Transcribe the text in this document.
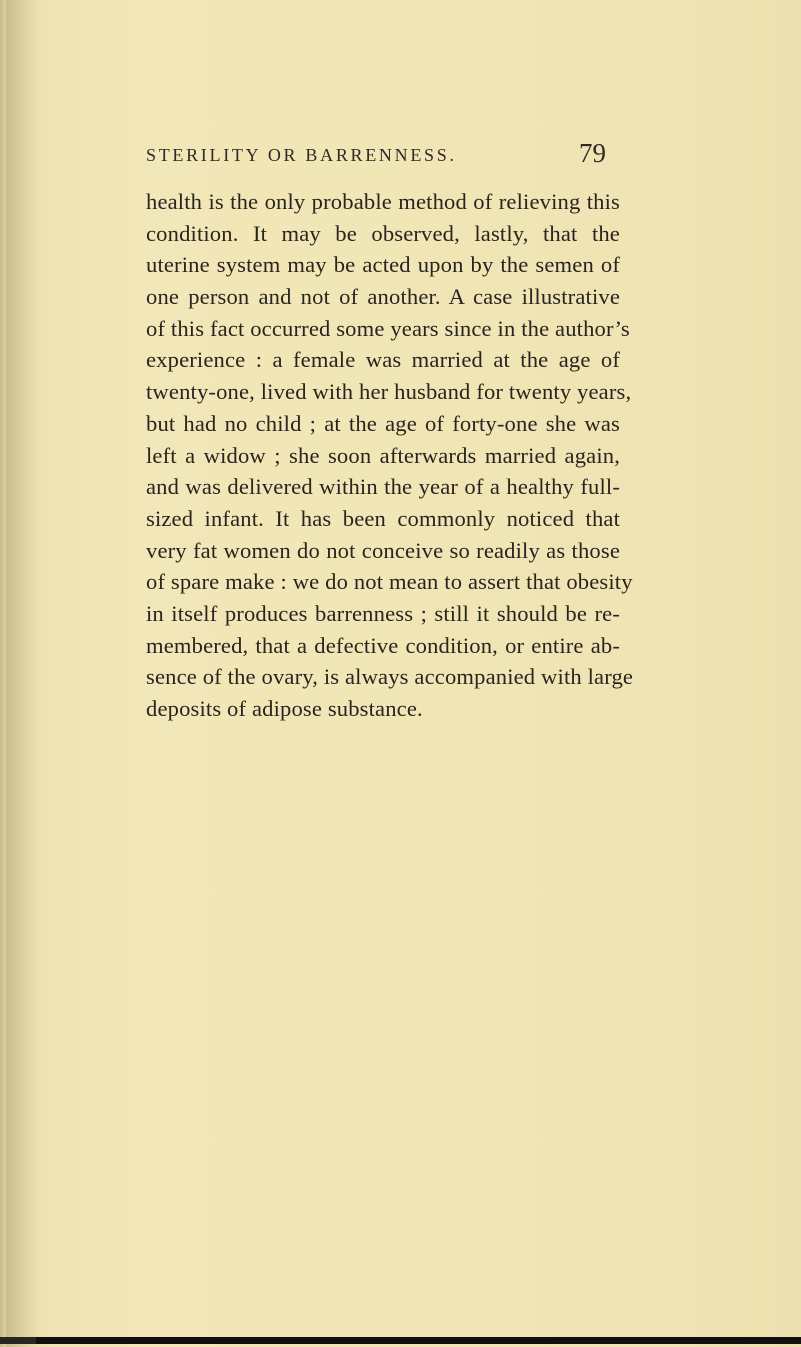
STERILITY OR BARRENNESS.	79
health is the only probable method of relieving this
condition. It may be observed, lastly, that the
uterine system may be acted upon by the semen of
one person and not of another. A case illustrative
of this fact occurred some years since in the author’s
experience : a female was married at the age of
twenty-one, lived with her husband for twenty years,
but had no child ; at the age of forty-one she was
left a widow ; she soon afterwards married again,
and was delivered within the year of a healthy full-
sized infant. It has been commonly noticed that
very fat women do not conceive so readily as those
of spare make : we do not mean to assert that obesity
in itself produces barrenness ; still it should be re-
membered, that a defective condition, or entire ab-
sence of the ovary, is always accompanied with large
deposits of adipose substance.
